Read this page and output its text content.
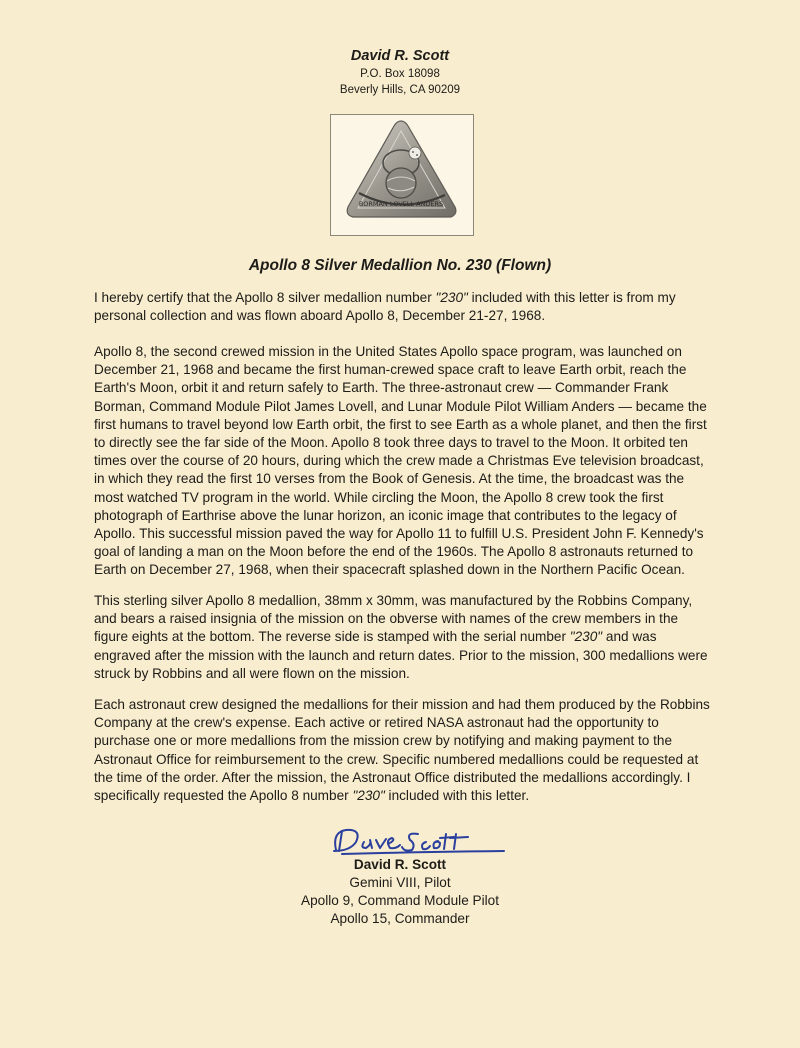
David R. Scott
P.O. Box 18098
Beverly Hills, CA 90209
BORMAN LOVELL ANDERS
Apollo 8 Silver Medallion No. 230 (Flown)

I hereby certify that the Apollo 8 silver medallion number "230" included with this letter is from my personal collection and was flown aboard Apollo 8, December 21-27, 1968.

Apollo 8, the second crewed mission in the United States Apollo space program, was launched on December 21, 1968 and became the first human-crewed space craft to leave Earth orbit, reach the Earth's Moon, orbit it and return safely to Earth. The three-astronaut crew — Commander Frank Borman, Command Module Pilot James Lovell, and Lunar Module Pilot William Anders — became the first humans to travel beyond low Earth orbit, the first to see Earth as a whole planet, and then the first to directly see the far side of the Moon. Apollo 8 took three days to travel to the Moon. It orbited ten times over the course of 20 hours, during which the crew made a Christmas Eve television broadcast, in which they read the first 10 verses from the Book of Genesis. At the time, the broadcast was the most watched TV program in the world. While circling the Moon, the Apollo 8 crew took the first photograph of Earthrise above the lunar horizon, an iconic image that contributes to the legacy of Apollo. This successful mission paved the way for Apollo 11 to fulfill U.S. President John F. Kennedy's goal of landing a man on the Moon before the end of the 1960s. The Apollo 8 astronauts returned to Earth on December 27, 1968, when their spacecraft splashed down in the Northern Pacific Ocean.

This sterling silver Apollo 8 medallion, 38mm x 30mm, was manufactured by the Robbins Company, and bears a raised insignia of the mission on the obverse with names of the crew members in the figure eights at the bottom. The reverse side is stamped with the serial number "230" and was engraved after the mission with the launch and return dates. Prior to the mission, 300 medallions were struck by Robbins and all were flown on the mission.

Each astronaut crew designed the medallions for their mission and had them produced by the Robbins Company at the crew's expense. Each active or retired NASA astronaut had the opportunity to purchase one or more medallions from the mission crew by notifying and making payment to the Astronaut Office for reimbursement to the crew. Specific numbered medallions could be requested at the time of the order. After the mission, the Astronaut Office distributed the medallions accordingly. I specifically requested the Apollo 8 number "230" included with this letter.

David R. Scott
Gemini VIII, Pilot
Apollo 9, Command Module Pilot
Apollo 15, Commander
